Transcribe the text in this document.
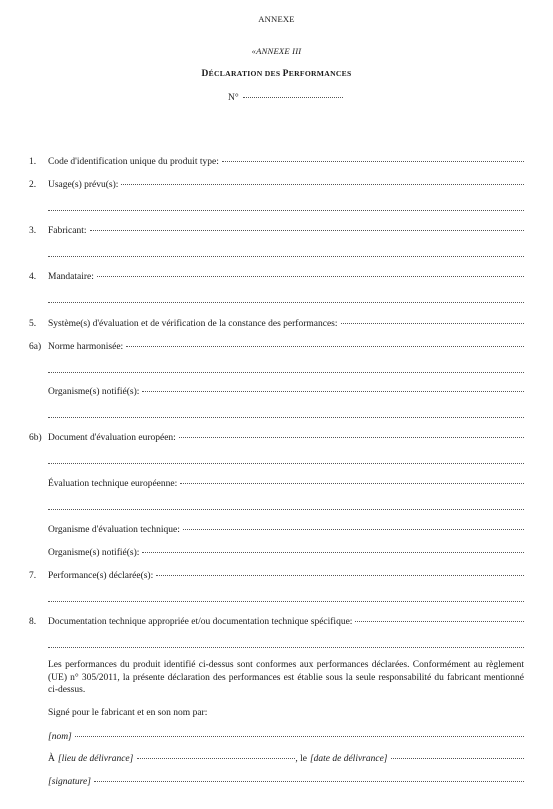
ANNEXE
«ANNEXE III
DÉCLARATION DES PERFORMANCES
N°
1. Code d'identification unique du produit type:
2. Usage(s) prévu(s):
3. Fabricant:
4. Mandataire:
5. Système(s) d'évaluation et de vérification de la constance des performances:
6a) Norme harmonisée:
Organisme(s) notifié(s):
6b) Document d'évaluation européen:
Évaluation technique européenne:
Organisme d'évaluation technique:
Organisme(s) notifié(s):
7. Performance(s) déclarée(s):
8. Documentation technique appropriée et/ou documentation technique spécifique:
Les performances du produit identifié ci-dessus sont conformes aux performances déclarées. Conformément au règlement (UE) n° 305/2011, la présente déclaration des performances est établie sous la seule responsabilité du fabricant mentionné ci-dessus.
Signé pour le fabricant et en son nom par:
[nom]
À [lieu de délivrance]	, le [date de délivrance]
[signature]
